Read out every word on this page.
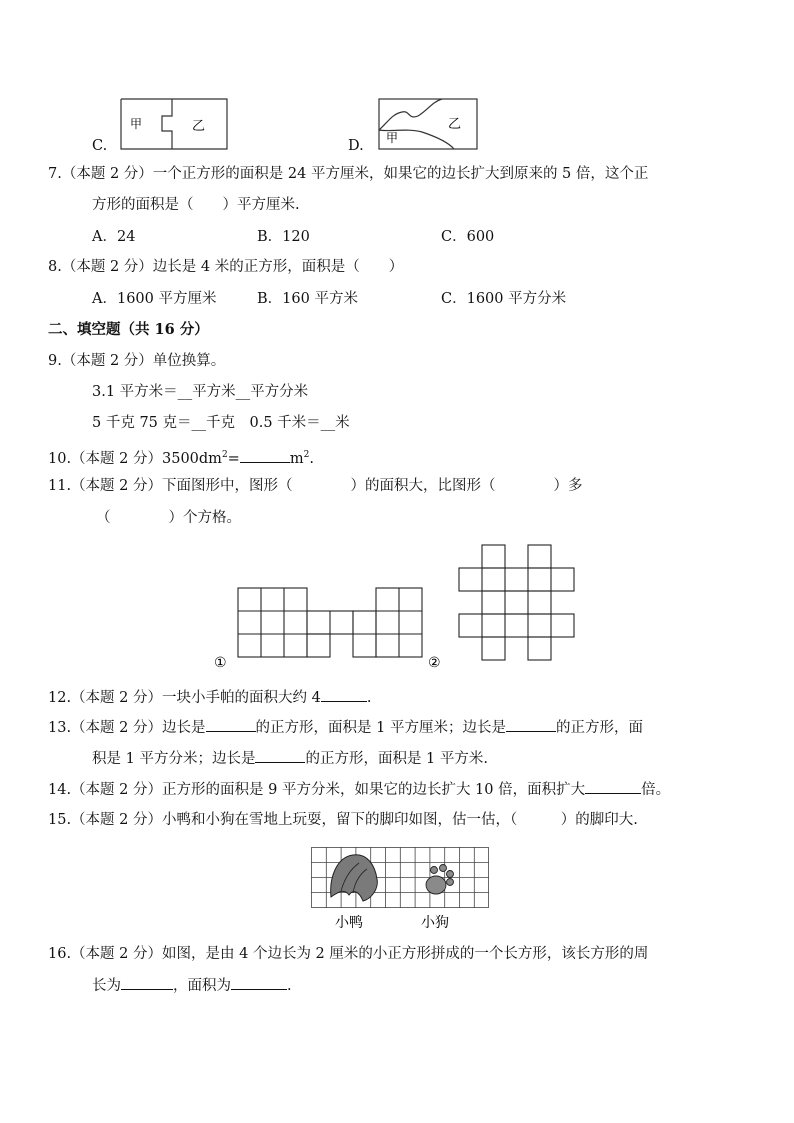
C.
甲	乙
D. 甲
乙
7.（本题 2 分）一个正方形的面积是 24 平方厘米，如果它的边长扩大到原来的 5 倍，这个正
方形的面积是（　　）平方厘米.
A．24	B．120	C．600
8.（本题 2 分）边长是 4 米的正方形，面积是（　　）
A．1600 平方厘米	B．160 平方米	C．1600 平方分米
二、填空题（共 16 分）
9.（本题 2 分）单位换算。
3.1 平方米＝__平方米__平方分米
5 千克 75 克＝__千克　0.5 千米＝__米
10.（本题 2 分）$3500dm^2=$	$m^2$.
11.（本题 2 分）下面图形中，图形（　　　　）的面积大，比图形（　　　　）多
（　　　　）个方格。
①	②
12.（本题 2 分）一块小手帕的面积大约 4	.
13.（本题 2 分）边长是	的正方形，面积是 1 平方厘米；边长是	的正方形，面
积是 1 平方分米；边长是	的正方形，面积是 1 平方米.
14.（本题 2 分）正方形的面积是 9 平方分米，如果它的边长扩大 10 倍，面积扩大	倍。
15.（本题 2 分）小鸭和小狗在雪地上玩耍，留下的脚印如图，估一估，（　　　）的脚印大.
小鸭	小狗
16.（本题 2 分）如图，是由 4 个边长为 2 厘米的小正方形拼成的一个长方形，该长方形的周
长为	，面积为	.
